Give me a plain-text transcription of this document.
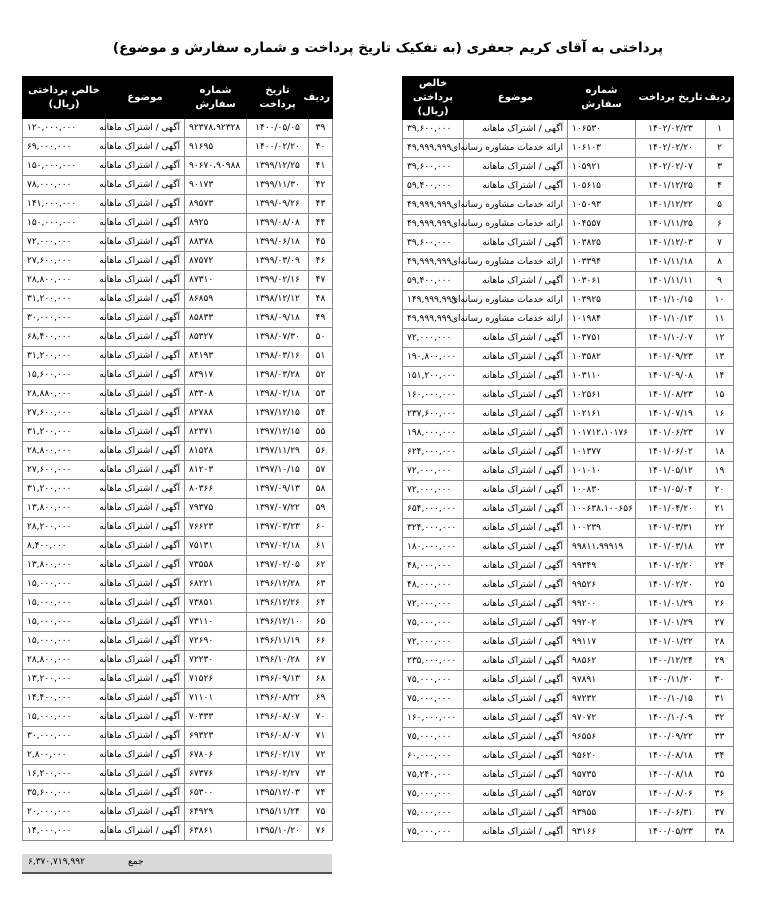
پرداختی به آقای کریم جعفری (به تفکیک تاریخ پرداخت و شماره سفارش و موضوع)
ردیف	تاریخ پرداخت	شماره سفارش	موضوع	خالص پرداختی
(ریال)
۱	۱۴۰۲/۰۲/۲۳	۱۰۶۵۳۰	آگهی / اشتراک ماهانه	۳۹,۶۰۰,۰۰۰
۲	۱۴۰۲/۰۲/۲۰	۱۰۶۱۰۳	ارائه خدمات مشاوره رسانه‌ای	۴۹,۹۹۹,۹۹۹
۳	۱۴۰۲/۰۲/۰۷	۱۰۵۹۲۱	آگهی / اشتراک ماهانه	۳۹,۶۰۰,۰۰۰
۴	۱۴۰۱/۱۲/۲۵	۱۰۵۶۱۵	آگهی / اشتراک ماهانه	۵۹,۴۰۰,۰۰۰
۵	۱۴۰۱/۱۲/۲۲	۱۰۵۰۹۳	ارائه خدمات مشاوره رسانه‌ای	۴۹,۹۹۹,۹۹۹
۶	۱۴۰۱/۱۱/۲۵	۱۰۴۵۵۷	ارائه خدمات مشاوره رسانه‌ای	۴۹,۹۹۹,۹۹۹
۷	۱۴۰۱/۱۲/۰۳	۱۰۳۸۲۵	آگهی / اشتراک ماهانه	۳۹,۶۰۰,۰۰۰
۸	۱۴۰۱/۱۱/۱۸	۱۰۳۳۹۴	ارائه خدمات مشاوره رسانه‌ای	۴۹,۹۹۹,۹۹۹
۹	۱۴۰۱/۱۱/۱۱	۱۰۳۰۶۱	آگهی / اشتراک ماهانه	۵۹,۴۰۰,۰۰۰
۱۰	۱۴۰۱/۱۰/۱۵	۱۰۳۹۲۵	ارائه خدمات مشاوره رسانه‌ای	۱۴۹,۹۹۹,۹۹۹
۱۱	۱۴۰۱/۱۰/۱۳	۱۰۱۹۸۴	ارائه خدمات مشاوره رسانه‌ای	۴۹,۹۹۹,۹۹۹
۱۲	۱۴۰۱/۱۰/۰۷	۱۰۳۷۵۱	آگهی / اشتراک ماهانه	۷۲,۰۰۰,۰۰۰
۱۳	۱۴۰۱/۰۹/۲۳	۱۰۳۵۸۲	آگهی / اشتراک ماهانه	۱۹۰,۸۰۰,۰۰۰
۱۴	۱۴۰۱/۰۹/۰۸	۱۰۳۱۱۰	آگهی / اشتراک ماهانه	۱۵۱,۲۰۰,۰۰۰
۱۵	۱۴۰۱/۰۸/۲۳	۱۰۲۵۶۱	آگهی / اشتراک ماهانه	۱۶۰,۰۰۰,۰۰۰
۱۶	۱۴۰۱/۰۷/۱۹	۱۰۲۱۶۱	آگهی / اشتراک ماهانه	۲۳۷,۶۰۰,۰۰۰
۱۷	۱۴۰۱/۰۶/۲۳	۱۰۱۷۱۲،۱۰۱۷۶	آگهی / اشتراک ماهانه	۱۹۸,۰۰۰,۰۰۰
۱۸	۱۴۰۱/۰۶/۰۲	۱۰۱۳۷۷	آگهی / اشتراک ماهانه	۶۲۴,۰۰۰,۰۰۰
۱۹	۱۴۰۱/۰۵/۱۲	۱۰۱۰۱۰	آگهی / اشتراک ماهانه	۷۲,۰۰۰,۰۰۰
۲۰	۱۴۰۱/۰۵/۰۴	۱۰۰۸۳۰	آگهی / اشتراک ماهانه	۷۲,۰۰۰,۰۰۰
۲۱	۱۴۰۱/۰۴/۲۰	۱۰۰۶۳۸،۱۰۰۶۵۶	آگهی / اشتراک ماهانه	۶۵۴,۰۰۰,۰۰۰
۲۲	۱۴۰۱/۰۳/۳۱	۱۰۰۲۳۹	آگهی / اشتراک ماهانه	۳۲۴,۰۰۰,۰۰۰
۲۳	۱۴۰۱/۰۳/۱۸	۹۹۸۱۱،۹۹۹۱۹	آگهی / اشتراک ماهانه	۱۸۰,۰۰۰,۰۰۰
۲۴	۱۴۰۱/۰۲/۲۰	۹۹۳۴۹	آگهی / اشتراک ماهانه	۴۸,۰۰۰,۰۰۰
۲۵	۱۴۰۱/۰۲/۲۰	۹۹۵۲۶	آگهی / اشتراک ماهانه	۴۸,۰۰۰,۰۰۰
۲۶	۱۴۰۱/۰۱/۲۹	۹۹۲۰۰	آگهی / اشتراک ماهانه	۷۲,۰۰۰,۰۰۰
۲۷	۱۴۰۱/۰۱/۲۹	۹۹۲۰۲	آگهی / اشتراک ماهانه	۷۵,۰۰۰,۰۰۰
۲۸	۱۴۰۱/۰۱/۲۲	۹۹۱۱۷	آگهی / اشتراک ماهانه	۷۲,۰۰۰,۰۰۰
۲۹	۱۴۰۰/۱۲/۲۴	۹۸۵۶۲	آگهی / اشتراک ماهانه	۲۳۵,۰۰۰,۰۰۰
۳۰	۱۴۰۰/۱۱/۲۰	۹۷۸۹۱	آگهی / اشتراک ماهانه	۷۵,۰۰۰,۰۰۰
۳۱	۱۴۰۰/۱۰/۱۵	۹۷۲۳۲	آگهی / اشتراک ماهانه	۷۵,۰۰۰,۰۰۰
۳۲	۱۴۰۰/۱۰/۰۹	۹۷۰۷۲	آگهی / اشتراک ماهانه	۱۶۰,۰۰۰,۰۰۰
۳۳	۱۴۰۰/۰۹/۲۲	۹۶۵۵۶	آگهی / اشتراک ماهانه	۷۵,۰۰۰,۰۰۰
۳۴	۱۴۰۰/۰۸/۱۸	۹۵۶۲۰	آگهی / اشتراک ماهانه	۶۰,۰۰۰,۰۰۰
۳۵	۱۴۰۰/۰۸/۱۸	۹۵۷۳۵	آگهی / اشتراک ماهانه	۷۵,۲۴۰,۰۰۰
۳۶	۱۴۰۰/۰۸/۰۶	۹۵۳۵۷	آگهی / اشتراک ماهانه	۷۵,۰۰۰,۰۰۰
۳۷	۱۴۰۰/۰۶/۳۱	۹۳۹۵۵	آگهی / اشتراک ماهانه	۷۵,۰۰۰,۰۰۰
۳۸	۱۴۰۰/۰۵/۲۳	۹۳۱۶۶	آگهی / اشتراک ماهانه	۷۵,۰۰۰,۰۰۰
ردیف	تاریخ پرداخت	شماره سفارش	موضوع	خالص پرداختی
(ریال)
۳۹	۱۴۰۰/۰۵/۰۵	۹۲۳۷۸،۹۲۳۲۸	آگهی / اشتراک ماهانه	۱۲۰,۰۰۰,۰۰۰
۴۰	۱۴۰۰/۰۲/۲۰	۹۱۶۹۵	آگهی / اشتراک ماهانه	۶۹,۰۰۰,۰۰۰
۴۱	۱۳۹۹/۱۲/۲۵	۹۰۶۷۰،۹۰۹۸۸	آگهی / اشتراک ماهانه	۱۵۰,۰۰۰,۰۰۰
۴۲	۱۳۹۹/۱۱/۳۰	۹۰۱۷۳	آگهی / اشتراک ماهانه	۷۸,۰۰۰,۰۰۰
۴۳	۱۳۹۹/۰۹/۲۶	۸۹۵۷۳	آگهی / اشتراک ماهانه	۱۴۱,۰۰۰,۰۰۰
۴۴	۱۳۹۹/۰۸/۰۸	۸۹۲۵	آگهی / اشتراک ماهانه	۱۵۰,۰۰۰,۰۰۰
۴۵	۱۳۹۹/۰۶/۱۸	۸۸۳۷۸	آگهی / اشتراک ماهانه	۷۲,۰۰۰,۰۰۰
۴۶	۱۳۹۹/۰۳/۰۹	۸۷۵۷۲	آگهی / اشتراک ماهانه	۲۷,۶۰۰,۰۰۰
۴۷	۱۳۹۹/۰۲/۱۶	۸۷۳۱۰	آگهی / اشتراک ماهانه	۲۸,۸۰۰,۰۰۰
۴۸	۱۳۹۸/۱۲/۱۲	۸۶۸۵۹	آگهی / اشتراک ماهانه	۳۱,۲۰۰,۰۰۰
۴۹	۱۳۹۸/۰۹/۱۸	۸۵۸۳۳	آگهی / اشتراک ماهانه	۳۰,۰۰۰,۰۰۰
۵۰	۱۳۹۸/۰۷/۳۰	۸۵۳۲۷	آگهی / اشتراک ماهانه	۶۸,۴۰۰,۰۰۰
۵۱	۱۳۹۸/۰۳/۱۶	۸۴۱۹۳	آگهی / اشتراک ماهانه	۳۱,۲۰۰,۰۰۰
۵۲	۱۳۹۸/۰۳/۲۸	۸۳۹۱۷	آگهی / اشتراک ماهانه	۱۵,۶۰۰,۰۰۰
۵۳	۱۳۹۸/۰۲/۱۸	۸۳۳۰۸	آگهی / اشتراک ماهانه	۲۸,۸۸۰,۰۰۰
۵۴	۱۳۹۷/۱۲/۱۵	۸۲۷۸۸	آگهی / اشتراک ماهانه	۲۷,۶۰۰,۰۰۰
۵۵	۱۳۹۷/۱۲/۱۵	۸۲۳۷۱	آگهی / اشتراک ماهانه	۳۱,۲۰۰,۰۰۰
۵۶	۱۳۹۷/۱۱/۲۹	۸۱۵۲۸	آگهی / اشتراک ماهانه	۲۸,۸۰۰,۰۰۰
۵۷	۱۳۹۷/۱۰/۱۵	۸۱۲۰۳	آگهی / اشتراک ماهانه	۲۷,۶۰۰,۰۰۰
۵۸	۱۳۹۷/۰۹/۱۳	۸۰۳۶۶	آگهی / اشتراک ماهانه	۳۱,۲۰۰,۰۰۰
۵۹	۱۳۹۷/۰۷/۲۲	۷۹۳۷۵	آگهی / اشتراک ماهانه	۱۳,۸۰۰,۰۰۰
۶۰	۱۳۹۷/۰۳/۲۳	۷۶۶۲۳	آگهی / اشتراک ماهانه	۲۸,۲۰۰,۰۰۰
۶۱	۱۳۹۷/۰۲/۱۸	۷۵۱۳۱	آگهی / اشتراک ماهانه	۸,۴۰۰,۰۰۰
۶۲	۱۳۹۷/۰۲/۰۵	۷۳۵۵۸	آگهی / اشتراک ماهانه	۱۳,۸۰۰,۰۰۰
۶۳	۱۳۹۶/۱۲/۲۸	۶۸۲۲۱	آگهی / اشتراک ماهانه	۱۵,۰۰۰,۰۰۰
۶۴	۱۳۹۶/۱۲/۲۶	۷۳۸۵۱	آگهی / اشتراک ماهانه	۱۵,۰۰۰,۰۰۰
۶۵	۱۳۹۶/۱۲/۱۰	۷۳۱۱۰	آگهی / اشتراک ماهانه	۱۵,۰۰۰,۰۰۰
۶۶	۱۳۹۶/۱۱/۱۹	۷۲۶۹۰	آگهی / اشتراک ماهانه	۱۵,۰۰۰,۰۰۰
۶۷	۱۳۹۶/۱۰/۲۸	۷۲۲۳۰	آگهی / اشتراک ماهانه	۲۸,۸۰۰,۰۰۰
۶۸	۱۳۹۶/۰۹/۱۳	۷۱۵۲۶	آگهی / اشتراک ماهانه	۱۳,۲۰۰,۰۰۰
۶۹	۱۳۹۶/۰۸/۲۲	۷۱۱۰۱	آگهی / اشتراک ماهانه	۱۴,۴۰۰,۰۰۰
۷۰	۱۳۹۶/۰۸/۰۷	۷۰۳۳۳	آگهی / اشتراک ماهانه	۱۵,۰۰۰,۰۰۰
۷۱	۱۳۹۶/۰۸/۰۷	۶۹۳۲۳	آگهی / اشتراک ماهانه	۳۰,۰۰۰,۰۰۰
۷۲	۱۳۹۶/۰۲/۱۷	۶۷۸۰۶	آگهی / اشتراک ماهانه	۲,۸۰۰,۰۰۰
۷۳	۱۳۹۶/۰۲/۲۷	۶۷۳۷۶	آگهی / اشتراک ماهانه	۱۶,۲۰۰,۰۰۰
۷۴	۱۳۹۵/۱۲/۰۳	۶۵۳۰۰	آگهی / اشتراک ماهانه	۳۵,۶۰۰,۰۰۰
۷۵	۱۳۹۵/۱۱/۲۴	۶۴۹۲۹	آگهی / اشتراک ماهانه	۲۰,۰۰۰,۰۰۰
۷۶	۱۳۹۵/۱۰/۲۰	۶۳۸۶۱	آگهی / اشتراک ماهانه	۱۴,۰۰۰,۰۰۰
جمع
۶,۳۷۰,۷۱۹,۹۹۲
